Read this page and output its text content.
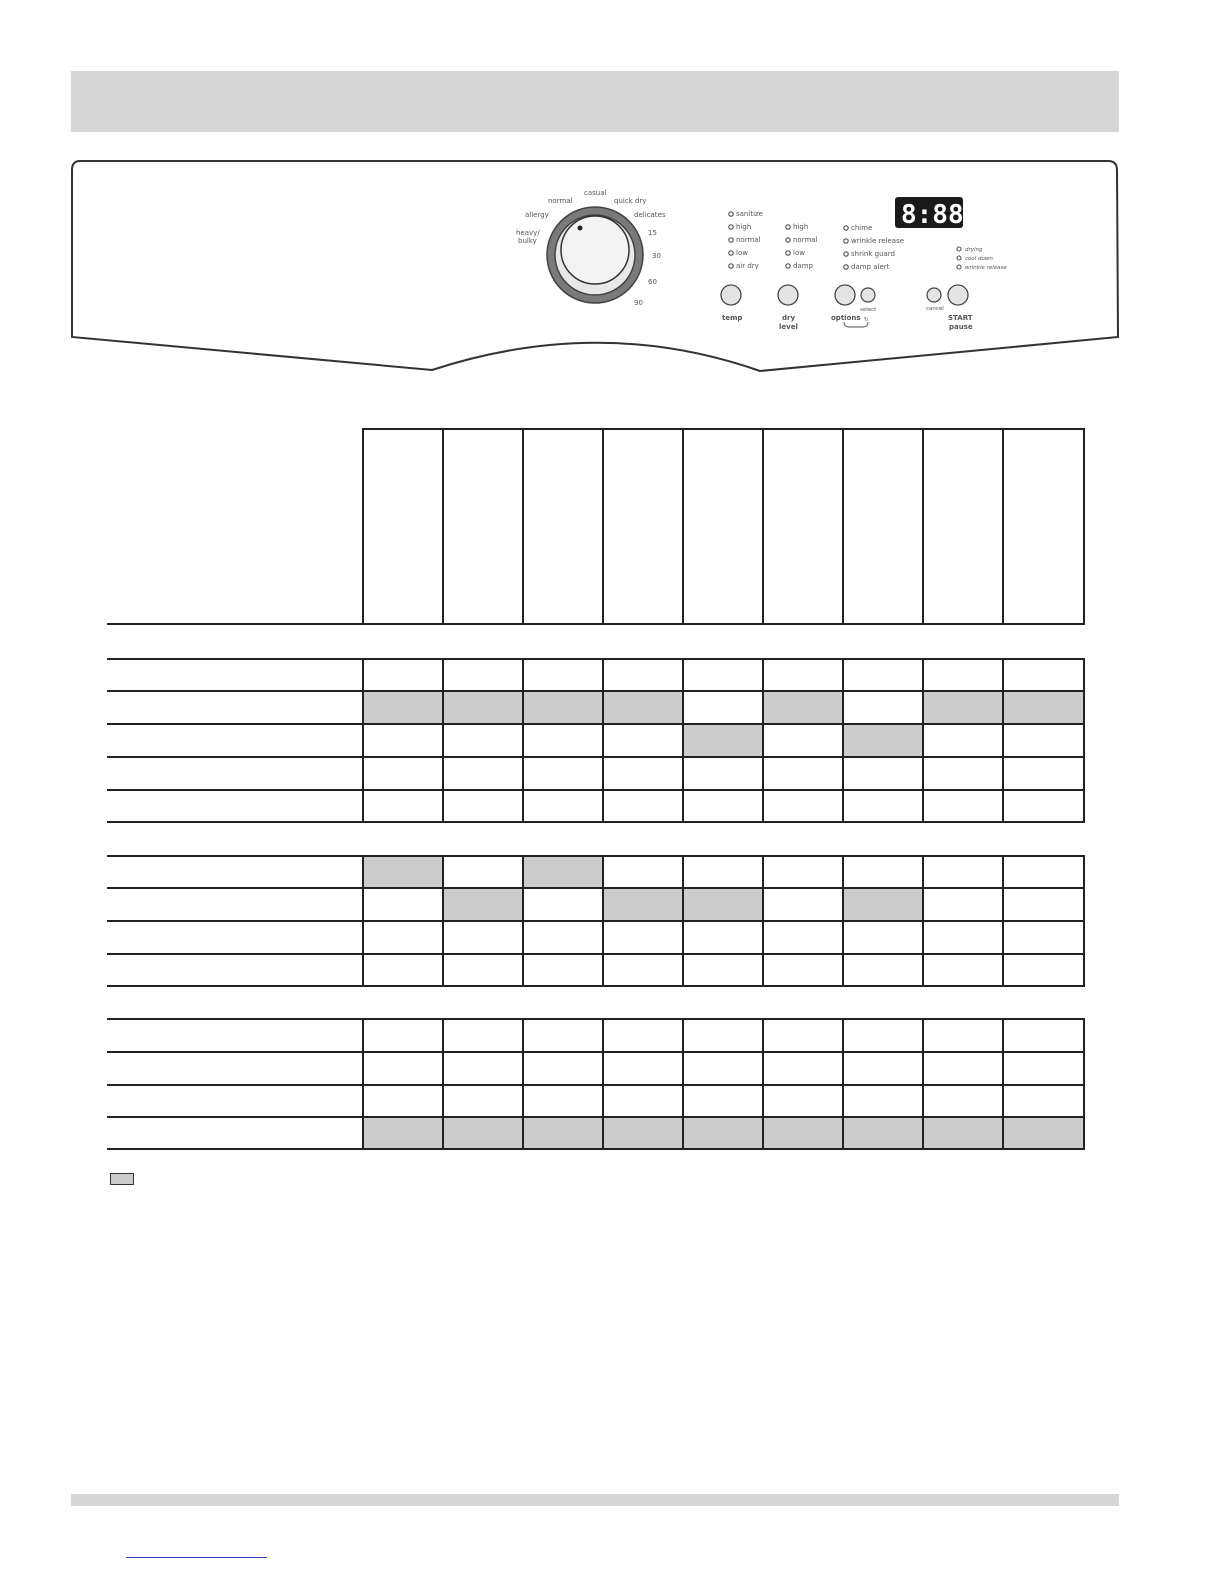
casual
normal	quick dry
allergy	delicates
heavy/
bulky
15
30
60
90
sanitize
high
normal
low
air dry
high
normal
low
damp
chime
wrinkle release
shrink guard
damp alert
8:88
drying
cool down
wrinkle release
temp	dry
level
select
options ↻
cancel
START
pause
